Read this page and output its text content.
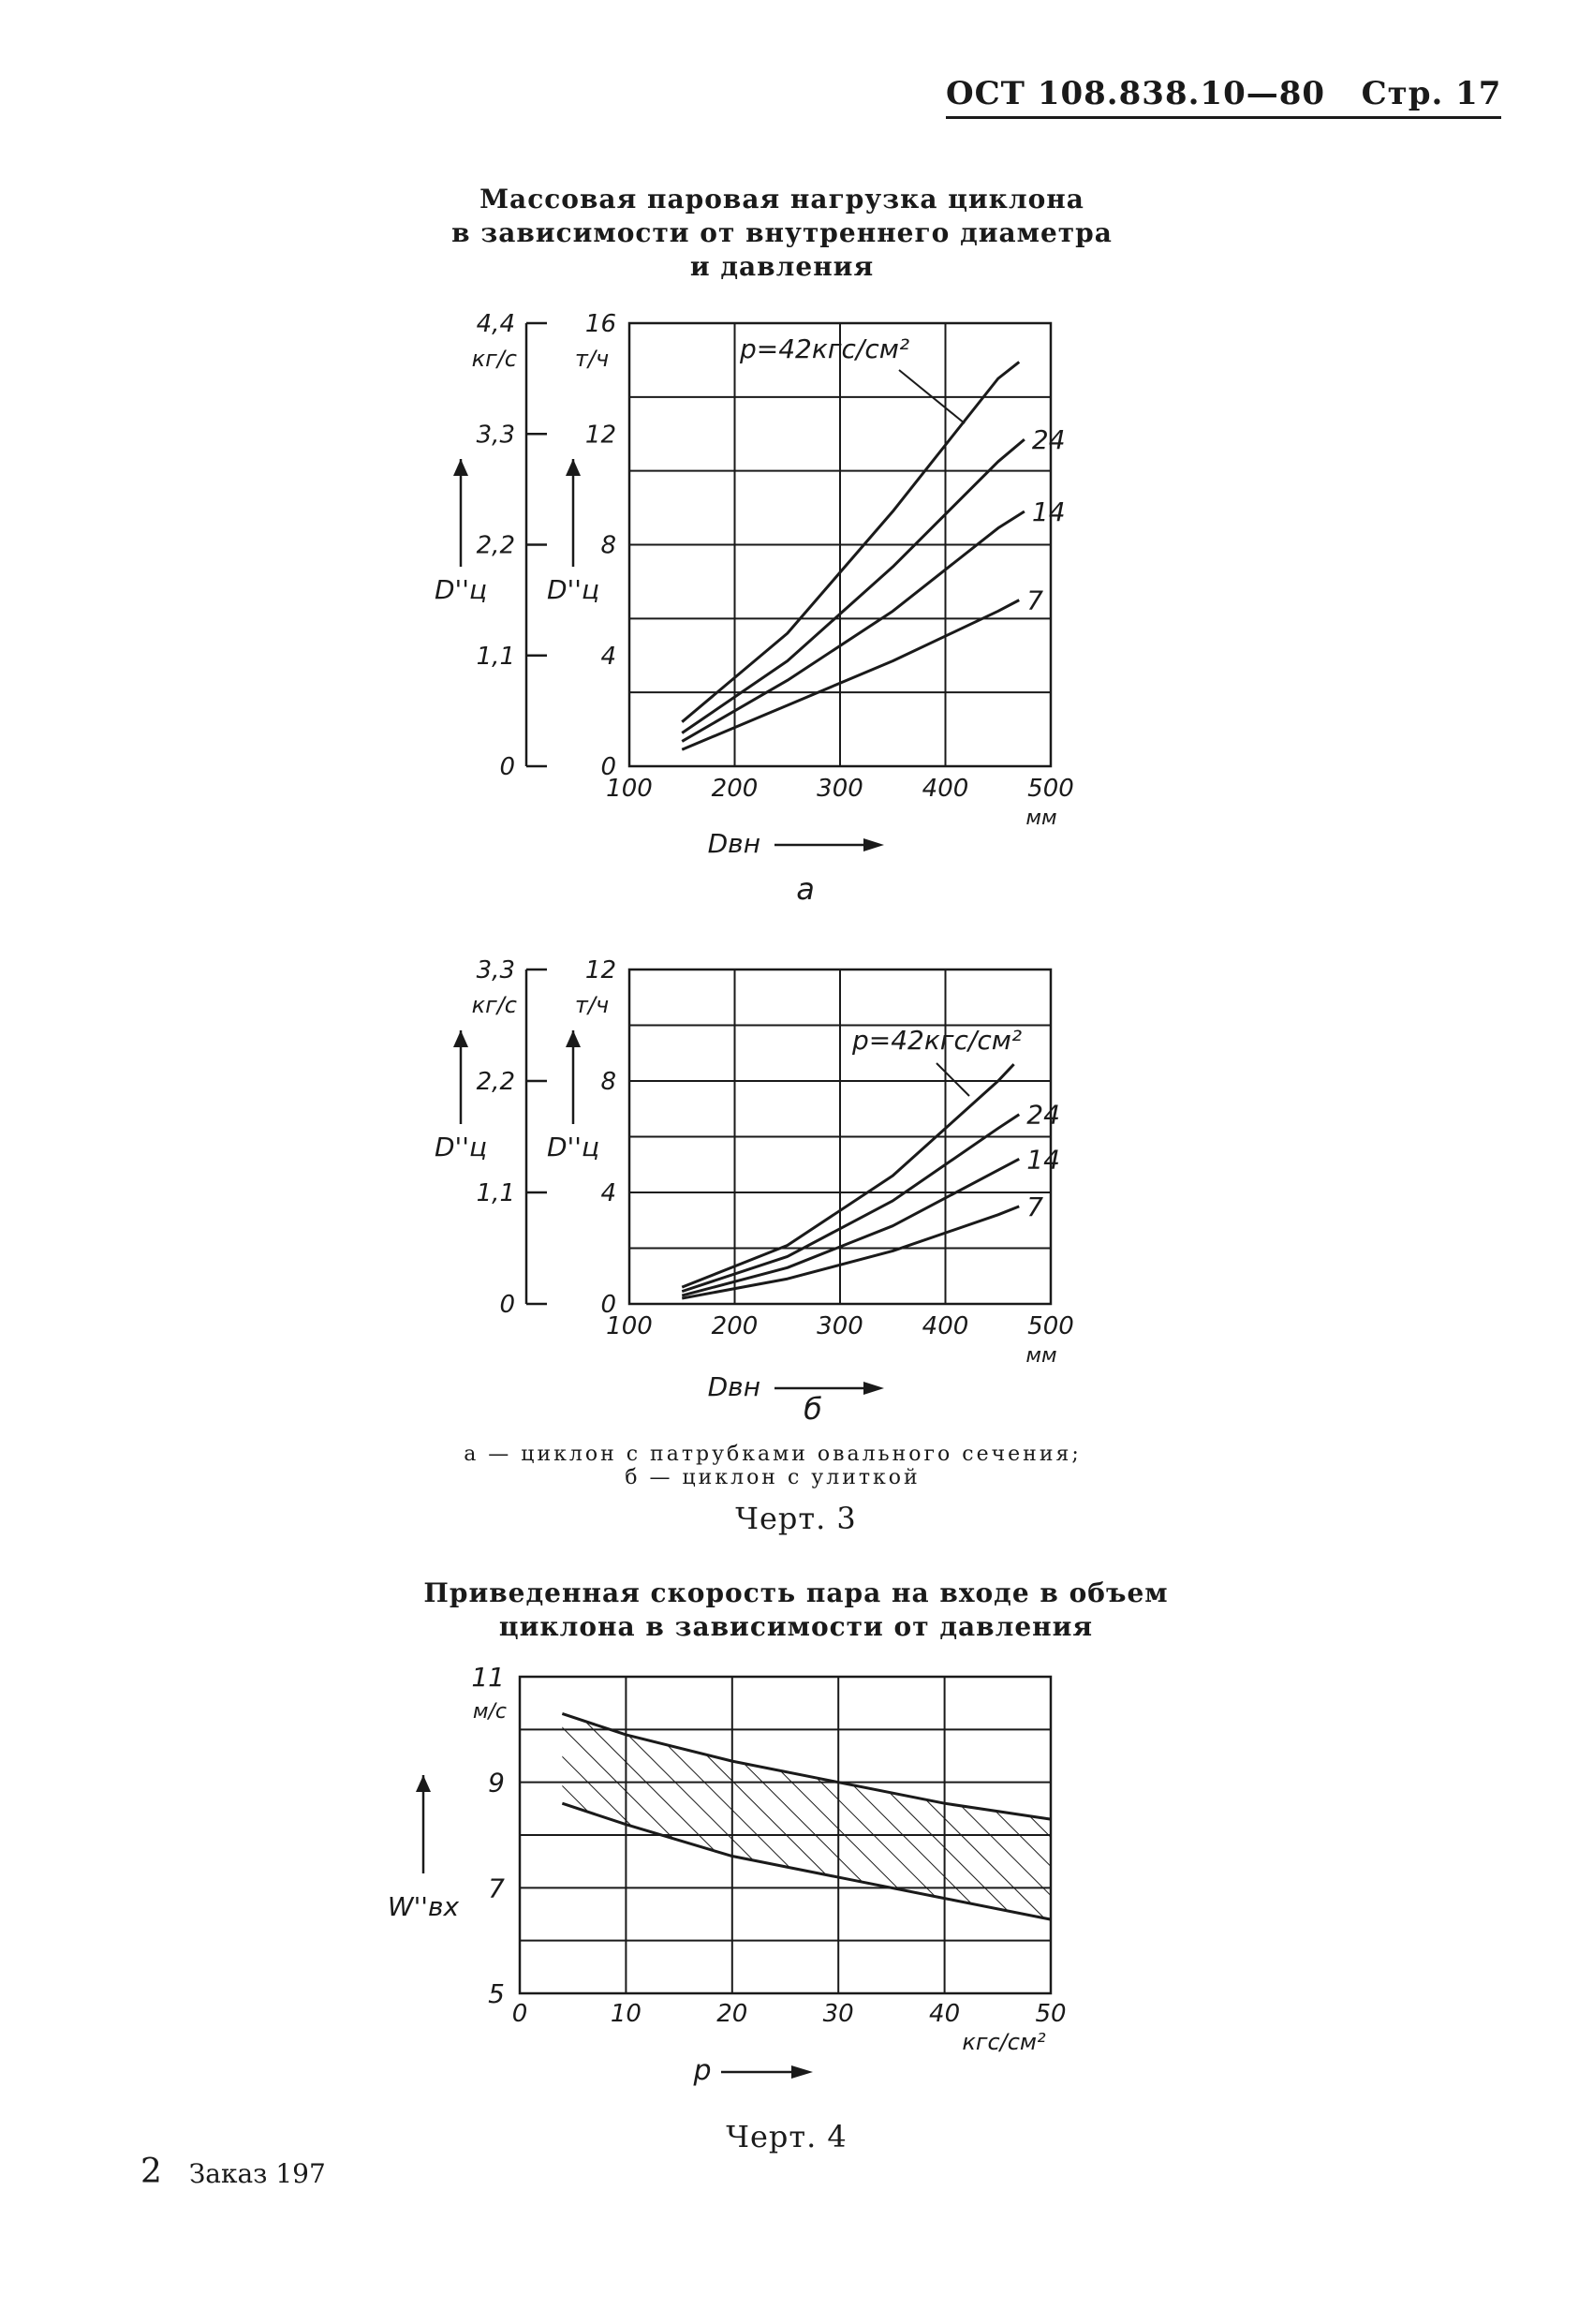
ОСТ 108.838.10—80 Стр. 17
Массовая паровая нагрузка циклона
в зависимости от внутреннего диаметра
и давления
100 200 300 400 500
мм
0
1,1
2,2
3,3
4,4
кг/с
D''ц
0
4
8
12
16
т/ч
D''ц
Dвн
а
р=42кгс/см²
24
14
7
100 200 300 400 500
мм
0
1,1
2,2
3,3
кг/с
D''ц
0
4
8
12
т/ч
D''ц
Dвн
б
р=42кгс/см²
24
14
7
0	10	20	30	40	50
кгс/см²
5
7
9
11
м/с
W''вх
р
а — циклон с патрубками овального сечения;
б — циклон с улиткой
Черт. 3
Приведенная скорость пара на входе в объем
циклона в зависимости от давления
Черт. 4
2 Заказ 197
